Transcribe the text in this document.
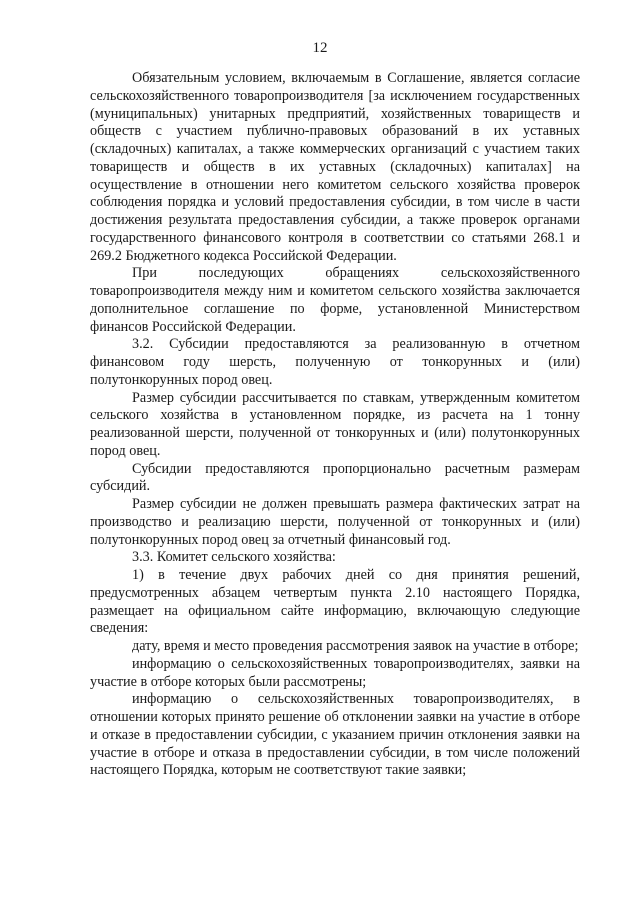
12

Обязательным условием, включаемым в Соглашение, является согласие сельскохозяйственного товаропроизводителя [за исключением государственных (муниципальных) унитарных предприятий, хозяйственных товариществ и обществ с участием публично-правовых образований в их уставных (складочных) капиталах, а также коммерческих организаций с участием таких товариществ и обществ в их уставных (складочных) капиталах] на осуществление в отношении него комитетом сельского хозяйства проверок соблюдения порядка и условий предоставления субсидии, в том числе в части достижения результата предоставления субсидии, а также проверок органами государственного финансового контроля в соответствии со статьями 268.1 и 269.2 Бюджетного кодекса Российской Федерации.

При последующих обращениях сельскохозяйственного товаропроизводителя между ним и комитетом сельского хозяйства заключается дополнительное соглашение по форме, установленной Министерством финансов Российской Федерации.

3.2. Субсидии предоставляются за реализованную в отчетном финансовом году шерсть, полученную от тонкорунных и (или) полутонкорунных пород овец.

Размер субсидии рассчитывается по ставкам, утвержденным комитетом сельского хозяйства в установленном порядке, из расчета на 1 тонну реализованной шерсти, полученной от тонкорунных и (или) полутонкорунных пород овец.

Субсидии предоставляются пропорционально расчетным размерам субсидий.

Размер субсидии не должен превышать размера фактических затрат на производство и реализацию шерсти, полученной от тонкорунных и (или) полутонкорунных пород овец за отчетный финансовый год.

3.3. Комитет сельского хозяйства:

1) в течение двух рабочих дней со дня принятия решений, предусмотренных абзацем четвертым пункта 2.10 настоящего Порядка, размещает на официальном сайте информацию, включающую следующие сведения:

дату, время и место проведения рассмотрения заявок на участие в отборе;

информацию о сельскохозяйственных товаропроизводителях, заявки на участие в отборе которых были рассмотрены;

информацию о сельскохозяйственных товаропроизводителях, в отношении которых принято решение об отклонении заявки на участие в отборе и отказе в предоставлении субсидии, с указанием причин отклонения заявки на участие в отборе и отказа в предоставлении субсидии, в том числе положений настоящего Порядка, которым не соответствуют такие заявки;
